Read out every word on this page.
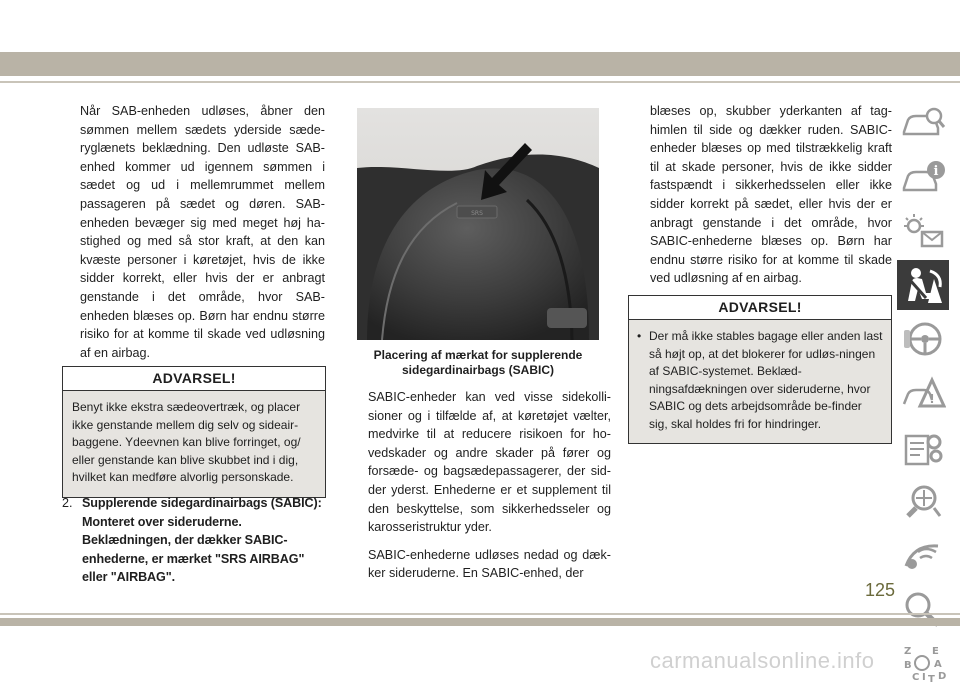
Når SAB-enheden udløses, åbner den sømmen mellem sædets yderside sæde-ryglænets beklædning. Den udløste SAB-enhed kommer ud igennem sømmen i sædet og ud i mellemrummet mellem passageren på sædet og døren. SAB-enheden bevæger sig med meget høj ha-stighed og med så stor kraft, at den kan kvæste personer i køretøjet, hvis de ikke sidder korrekt, eller hvis der er anbragt genstande i det område, hvor SAB-enheden blæses op. Børn har endnu større risiko for at komme til skade ved udløsning af en airbag.

ADVARSEL!
Benyt ikke ekstra sædeovertræk, og placer ikke genstande mellem dig selv og sideair-baggene. Ydeevnen kan blive forringet, og/ eller genstande kan blive skubbet ind i dig, hvilket kan medføre alvorlig personskade.
2. Supplerende sidegardinairbags (SABIC): Monteret over sideruderne. Beklædningen, der dækker SABIC-enhederne, er mærket "SRS AIRBAG" eller "AIRBAG".
SRS
Placering af mærkat for supplerende sidegardinairbags (SABIC)

SABIC-enheder kan ved visse sidekolli-sioner og i tilfælde af, at køretøjet vælter, medvirke til at reducere risikoen for ho-vedskader og andre skader på fører og forsæde- og bagsædepassagerer, der sid-der yderst. Enhederne er et supplement til den beskyttelse, som sikkerhedsseler og karosseristruktur yder.

SABIC-enhederne udløses nedad og dæk-ker sideruderne. En SABIC-enhed, der

blæses op, skubber yderkanten af tag-himlen til side og dækker ruden. SABIC-enheder blæses op med tilstrækkelig kraft til at skade personer, hvis de ikke sidder fastspændt i sikkerhedsselen eller ikke sidder korrekt på sædet, eller hvis der er anbragt genstande i det område, hvor SABIC-enhederne blæses op. Børn har endnu større risiko for at komme til skade ved udløsning af en airbag.

ADVARSEL!
• Der må ikke stables bagage eller anden last så højt op, at det blokerer for udløs-ningen af SABIC-systemet. Beklæd-ningsafdækningen over sideruderne, hvor SABIC og dets arbejdsområde be-finder sig, skal holdes fri for hindringer.
i
!
Z E
B A
C D
I T
125
carmanualsonline.info
